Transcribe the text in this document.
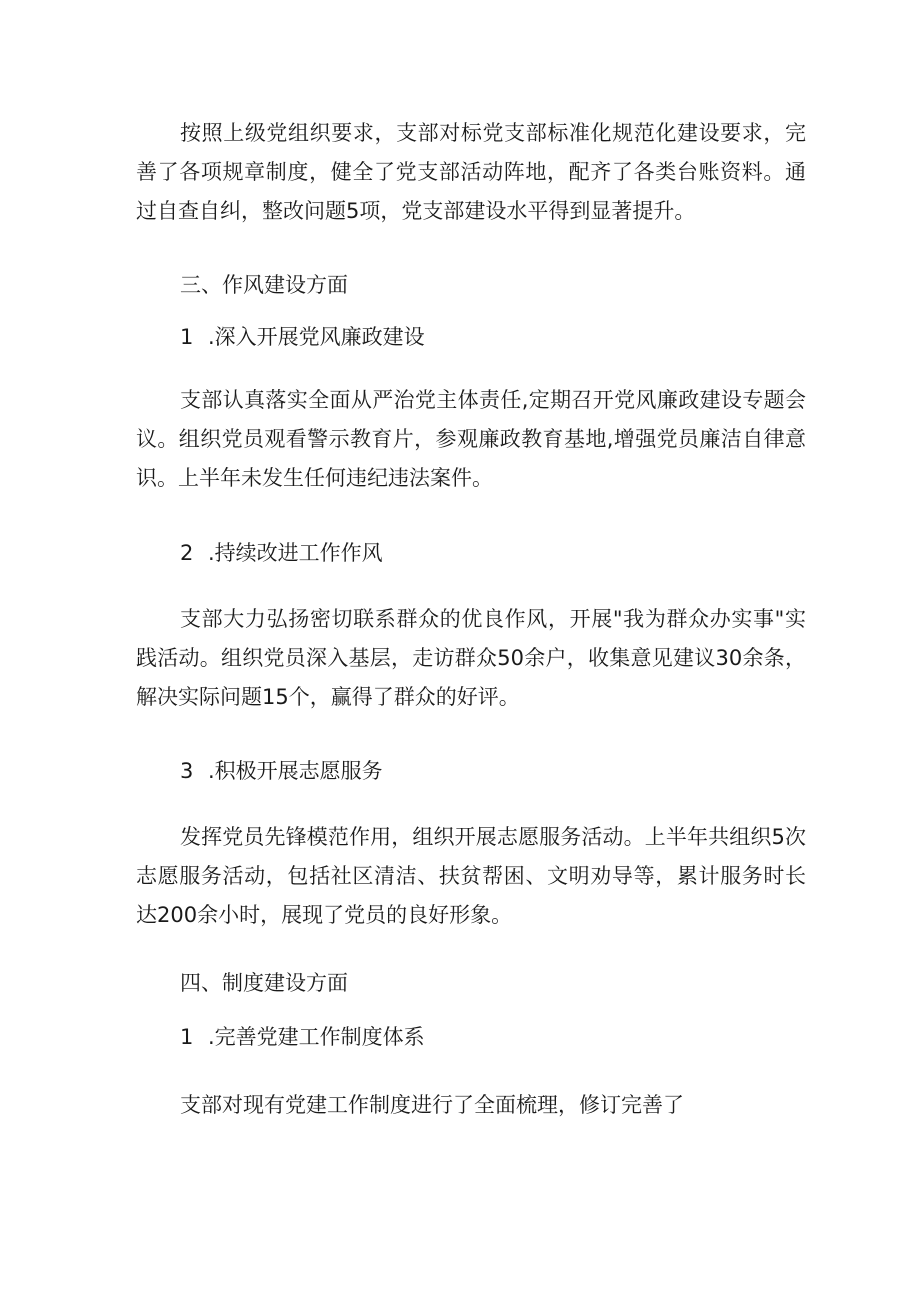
按照上级党组织要求，支部对标党支部标准化规范化建设要求，完善了各项规章制度，健全了党支部活动阵地，配齐了各类台账资料。通过自查自纠，整改问题5项，党支部建设水平得到显著提升。

三、作风建设方面

1 .深入开展党风廉政建设

支部认真落实全面从严治党主体责任,定期召开党风廉政建设专题会议。组织党员观看警示教育片，参观廉政教育基地,增强党员廉洁自律意识。上半年未发生任何违纪违法案件。

2 .持续改进工作作风

支部大力弘扬密切联系群众的优良作风，开展"我为群众办实事"实践活动。组织党员深入基层，走访群众50余户，收集意见建议30余条，解决实际问题15个，赢得了群众的好评。

3 .积极开展志愿服务

发挥党员先锋模范作用，组织开展志愿服务活动。上半年共组织5次志愿服务活动，包括社区清洁、扶贫帮困、文明劝导等，累计服务时长达200余小时，展现了党员的良好形象。

四、制度建设方面

1 .完善党建工作制度体系

支部对现有党建工作制度进行了全面梳理，修订完善了
